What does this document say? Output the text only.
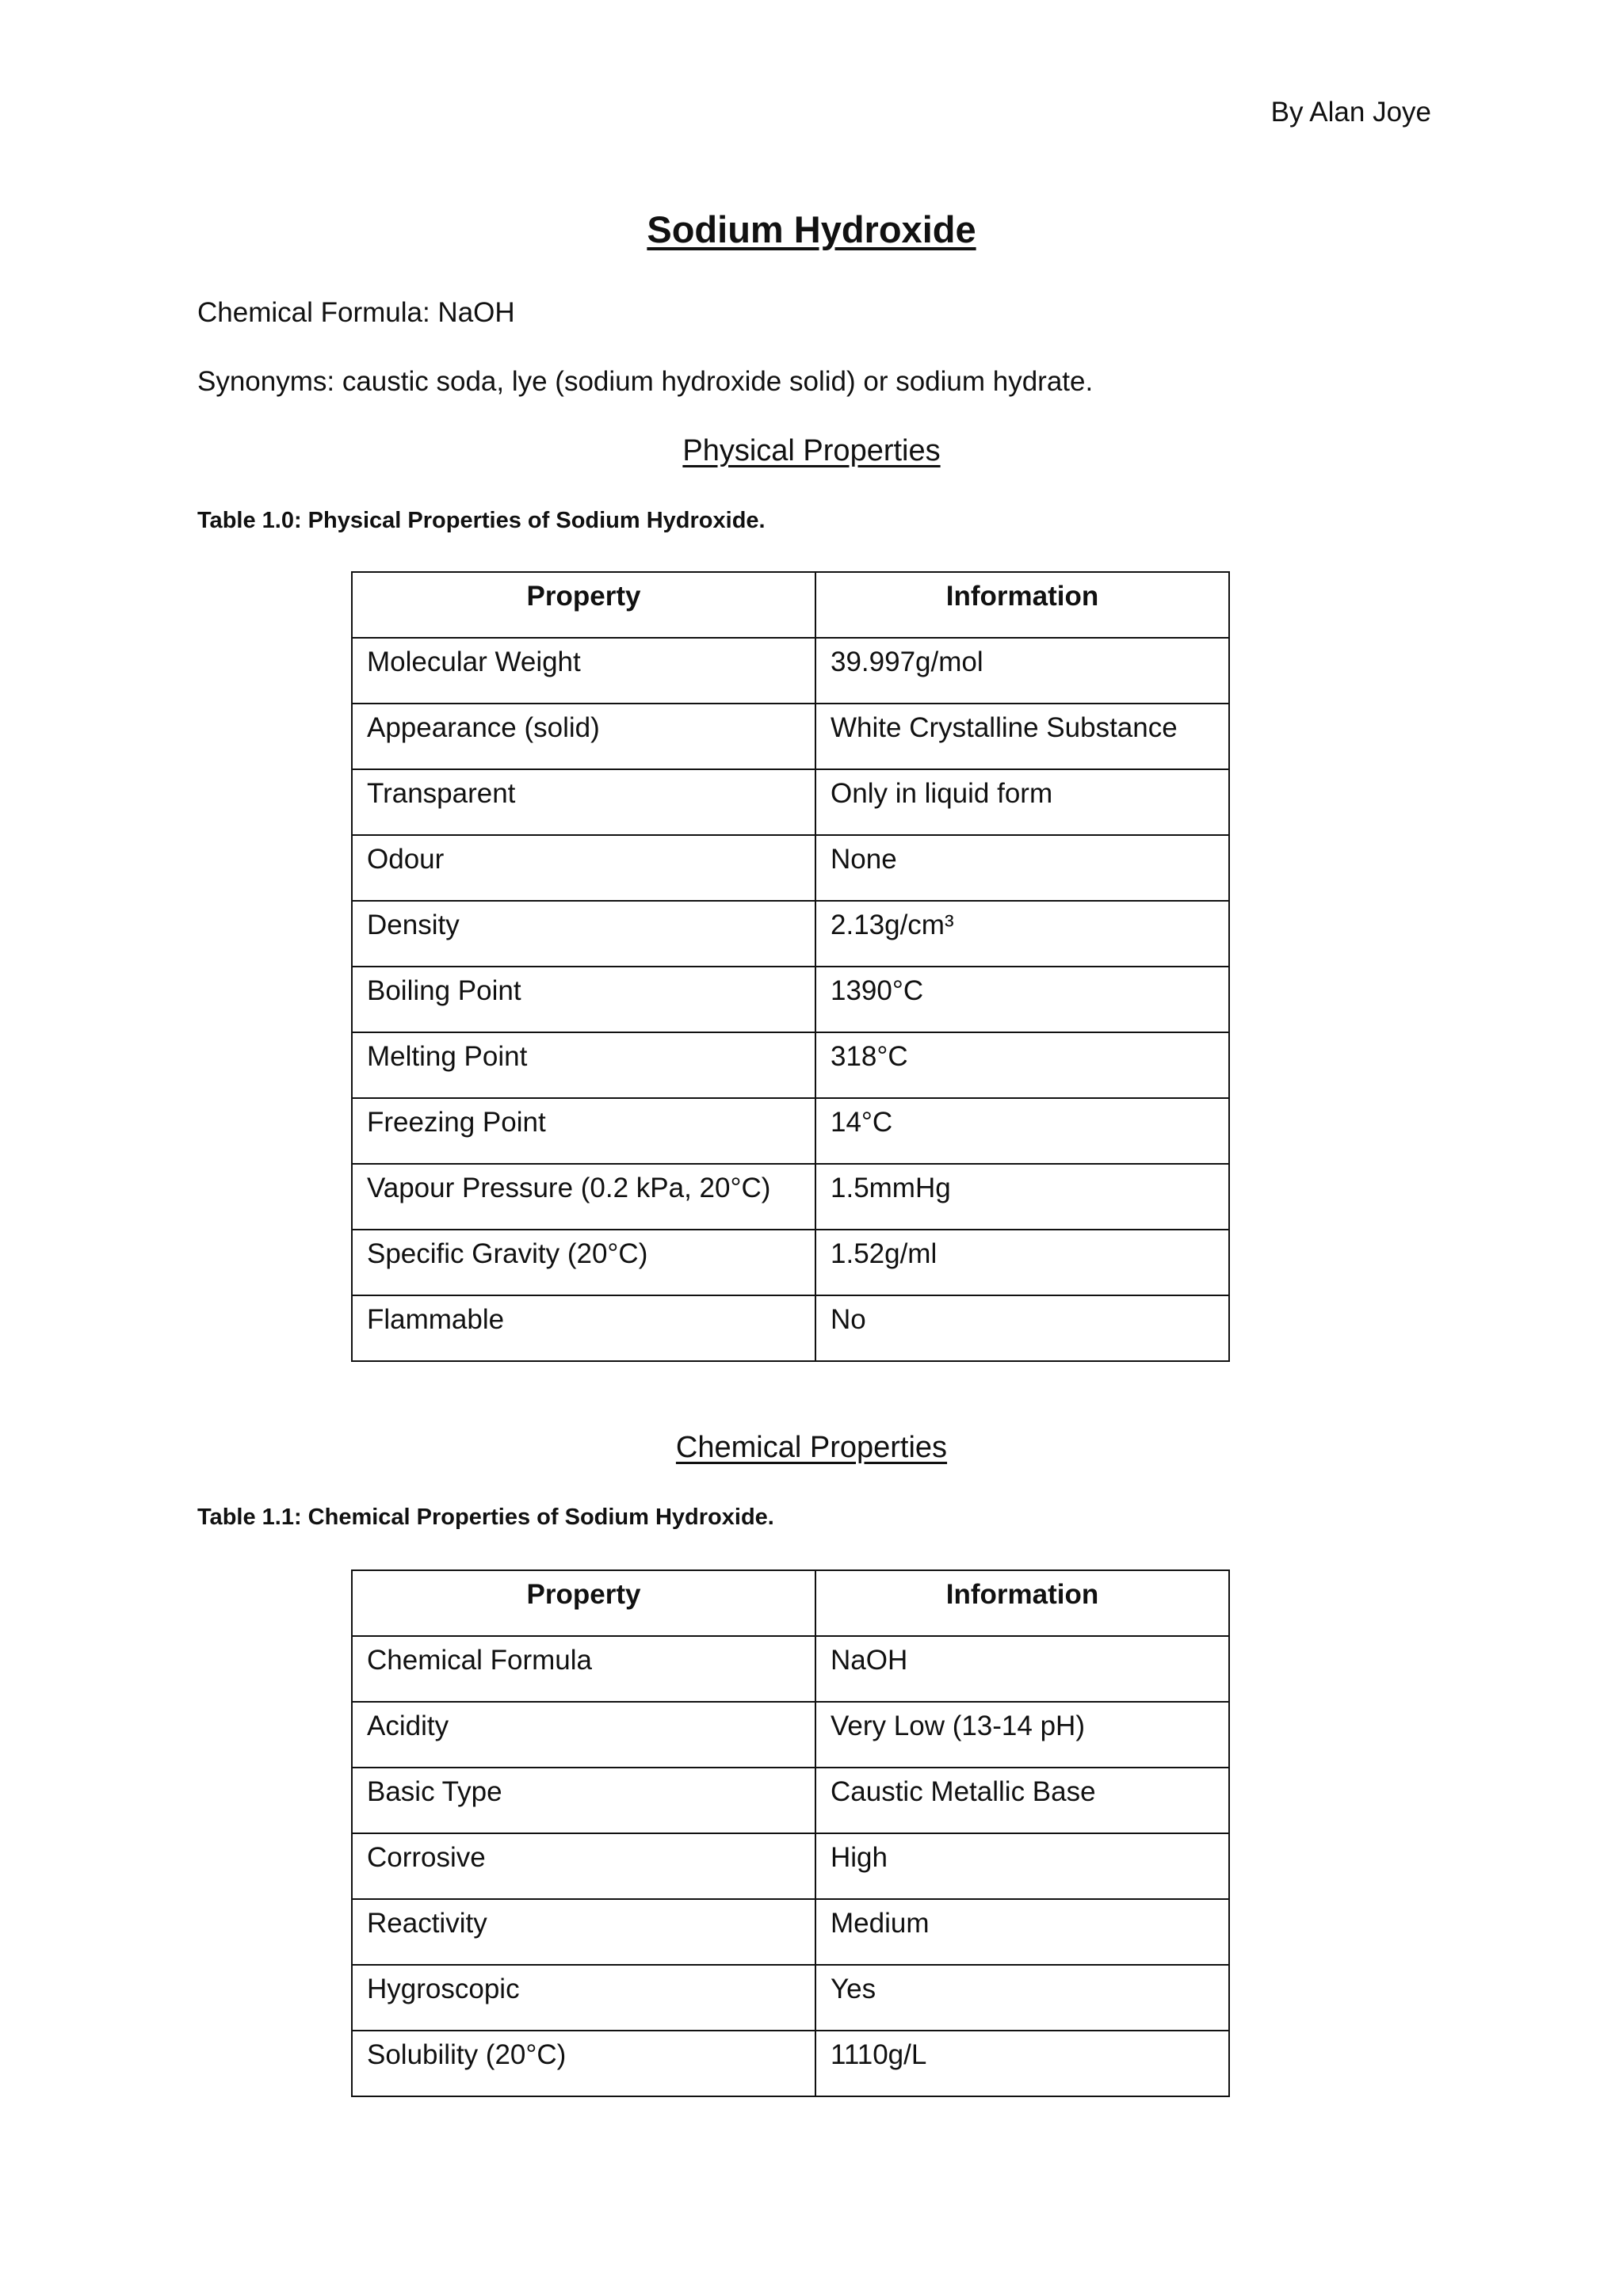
By Alan Joye
Sodium Hydroxide
Chemical Formula: NaOH
Synonyms: caustic soda, lye (sodium hydroxide solid) or sodium hydrate.
Physical Properties
Table 1.0: Physical Properties of Sodium Hydroxide.
Property	Information
Molecular Weight	39.997g/mol
Appearance (solid)	White Crystalline Substance
Transparent	Only in liquid form
Odour	None
Density	2.13g/cm³
Boiling Point	1390°C
Melting Point	318°C
Freezing Point	14°C
Vapour Pressure (0.2 kPa, 20°C)	1.5mmHg
Specific Gravity (20°C)	1.52g/ml
Flammable	No
Chemical Properties
Table 1.1: Chemical Properties of Sodium Hydroxide.
Property	Information
Chemical Formula	NaOH
Acidity	Very Low (13-14 pH)
Basic Type	Caustic Metallic Base
Corrosive	High
Reactivity	Medium
Hygroscopic	Yes
Solubility (20°C)	1110g/L
